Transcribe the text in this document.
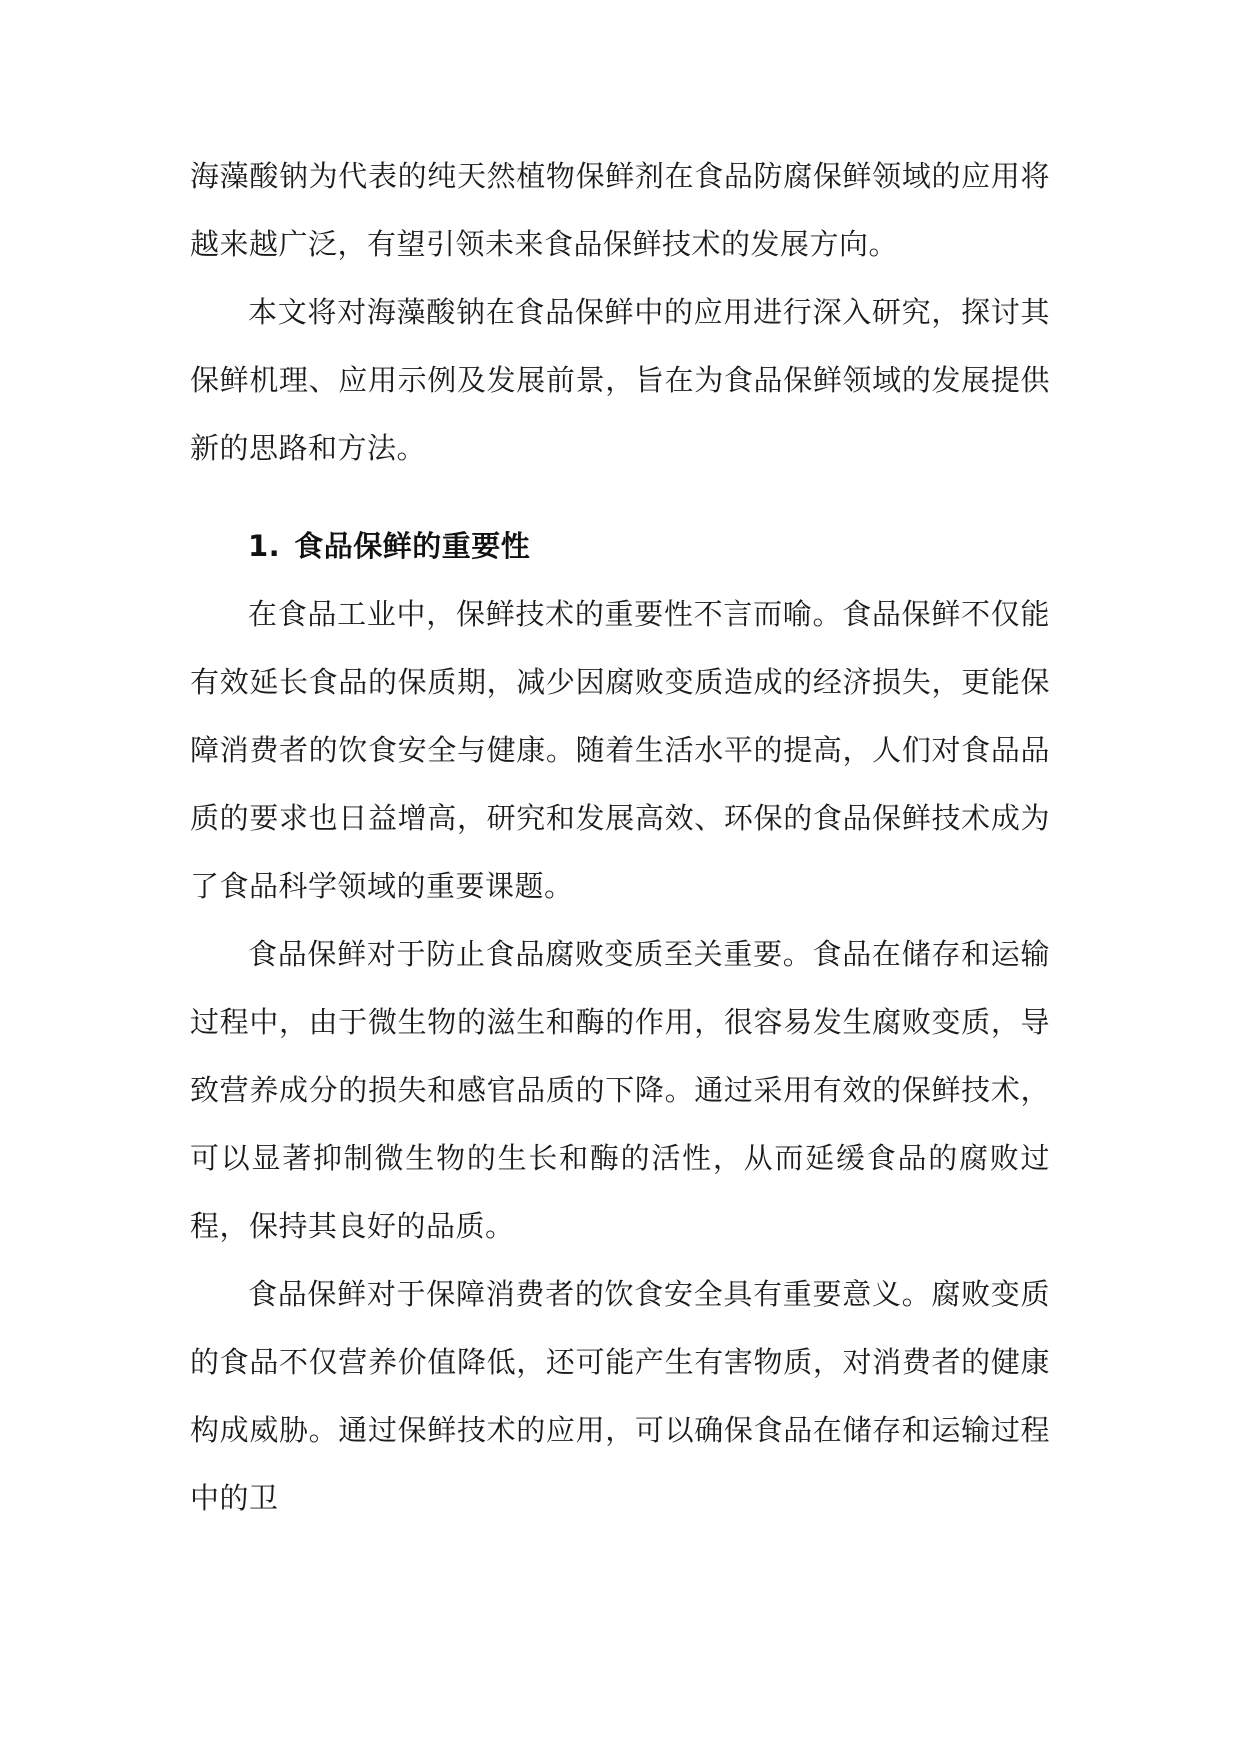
海藻酸钠为代表的纯天然植物保鲜剂在食品防腐保鲜领域的应用将越来越广泛，有望引领未来食品保鲜技术的发展方向。

本文将对海藻酸钠在食品保鲜中的应用进行深入研究，探讨其保鲜机理、应用示例及发展前景，旨在为食品保鲜领域的发展提供新的思路和方法。

1. 食品保鲜的重要性

在食品工业中，保鲜技术的重要性不言而喻。食品保鲜不仅能有效延长食品的保质期，减少因腐败变质造成的经济损失，更能保障消费者的饮食安全与健康。随着生活水平的提高，人们对食品品质的要求也日益增高，研究和发展高效、环保的食品保鲜技术成为了食品科学领域的重要课题。

食品保鲜对于防止食品腐败变质至关重要。食品在储存和运输过程中，由于微生物的滋生和酶的作用，很容易发生腐败变质，导致营养成分的损失和感官品质的下降。通过采用有效的保鲜技术，可以显著抑制微生物的生长和酶的活性，从而延缓食品的腐败过程，保持其良好的品质。

食品保鲜对于保障消费者的饮食安全具有重要意义。腐败变质的食品不仅营养价值降低，还可能产生有害物质，对消费者的健康构成威胁。通过保鲜技术的应用，可以确保食品在储存和运输过程中的卫
